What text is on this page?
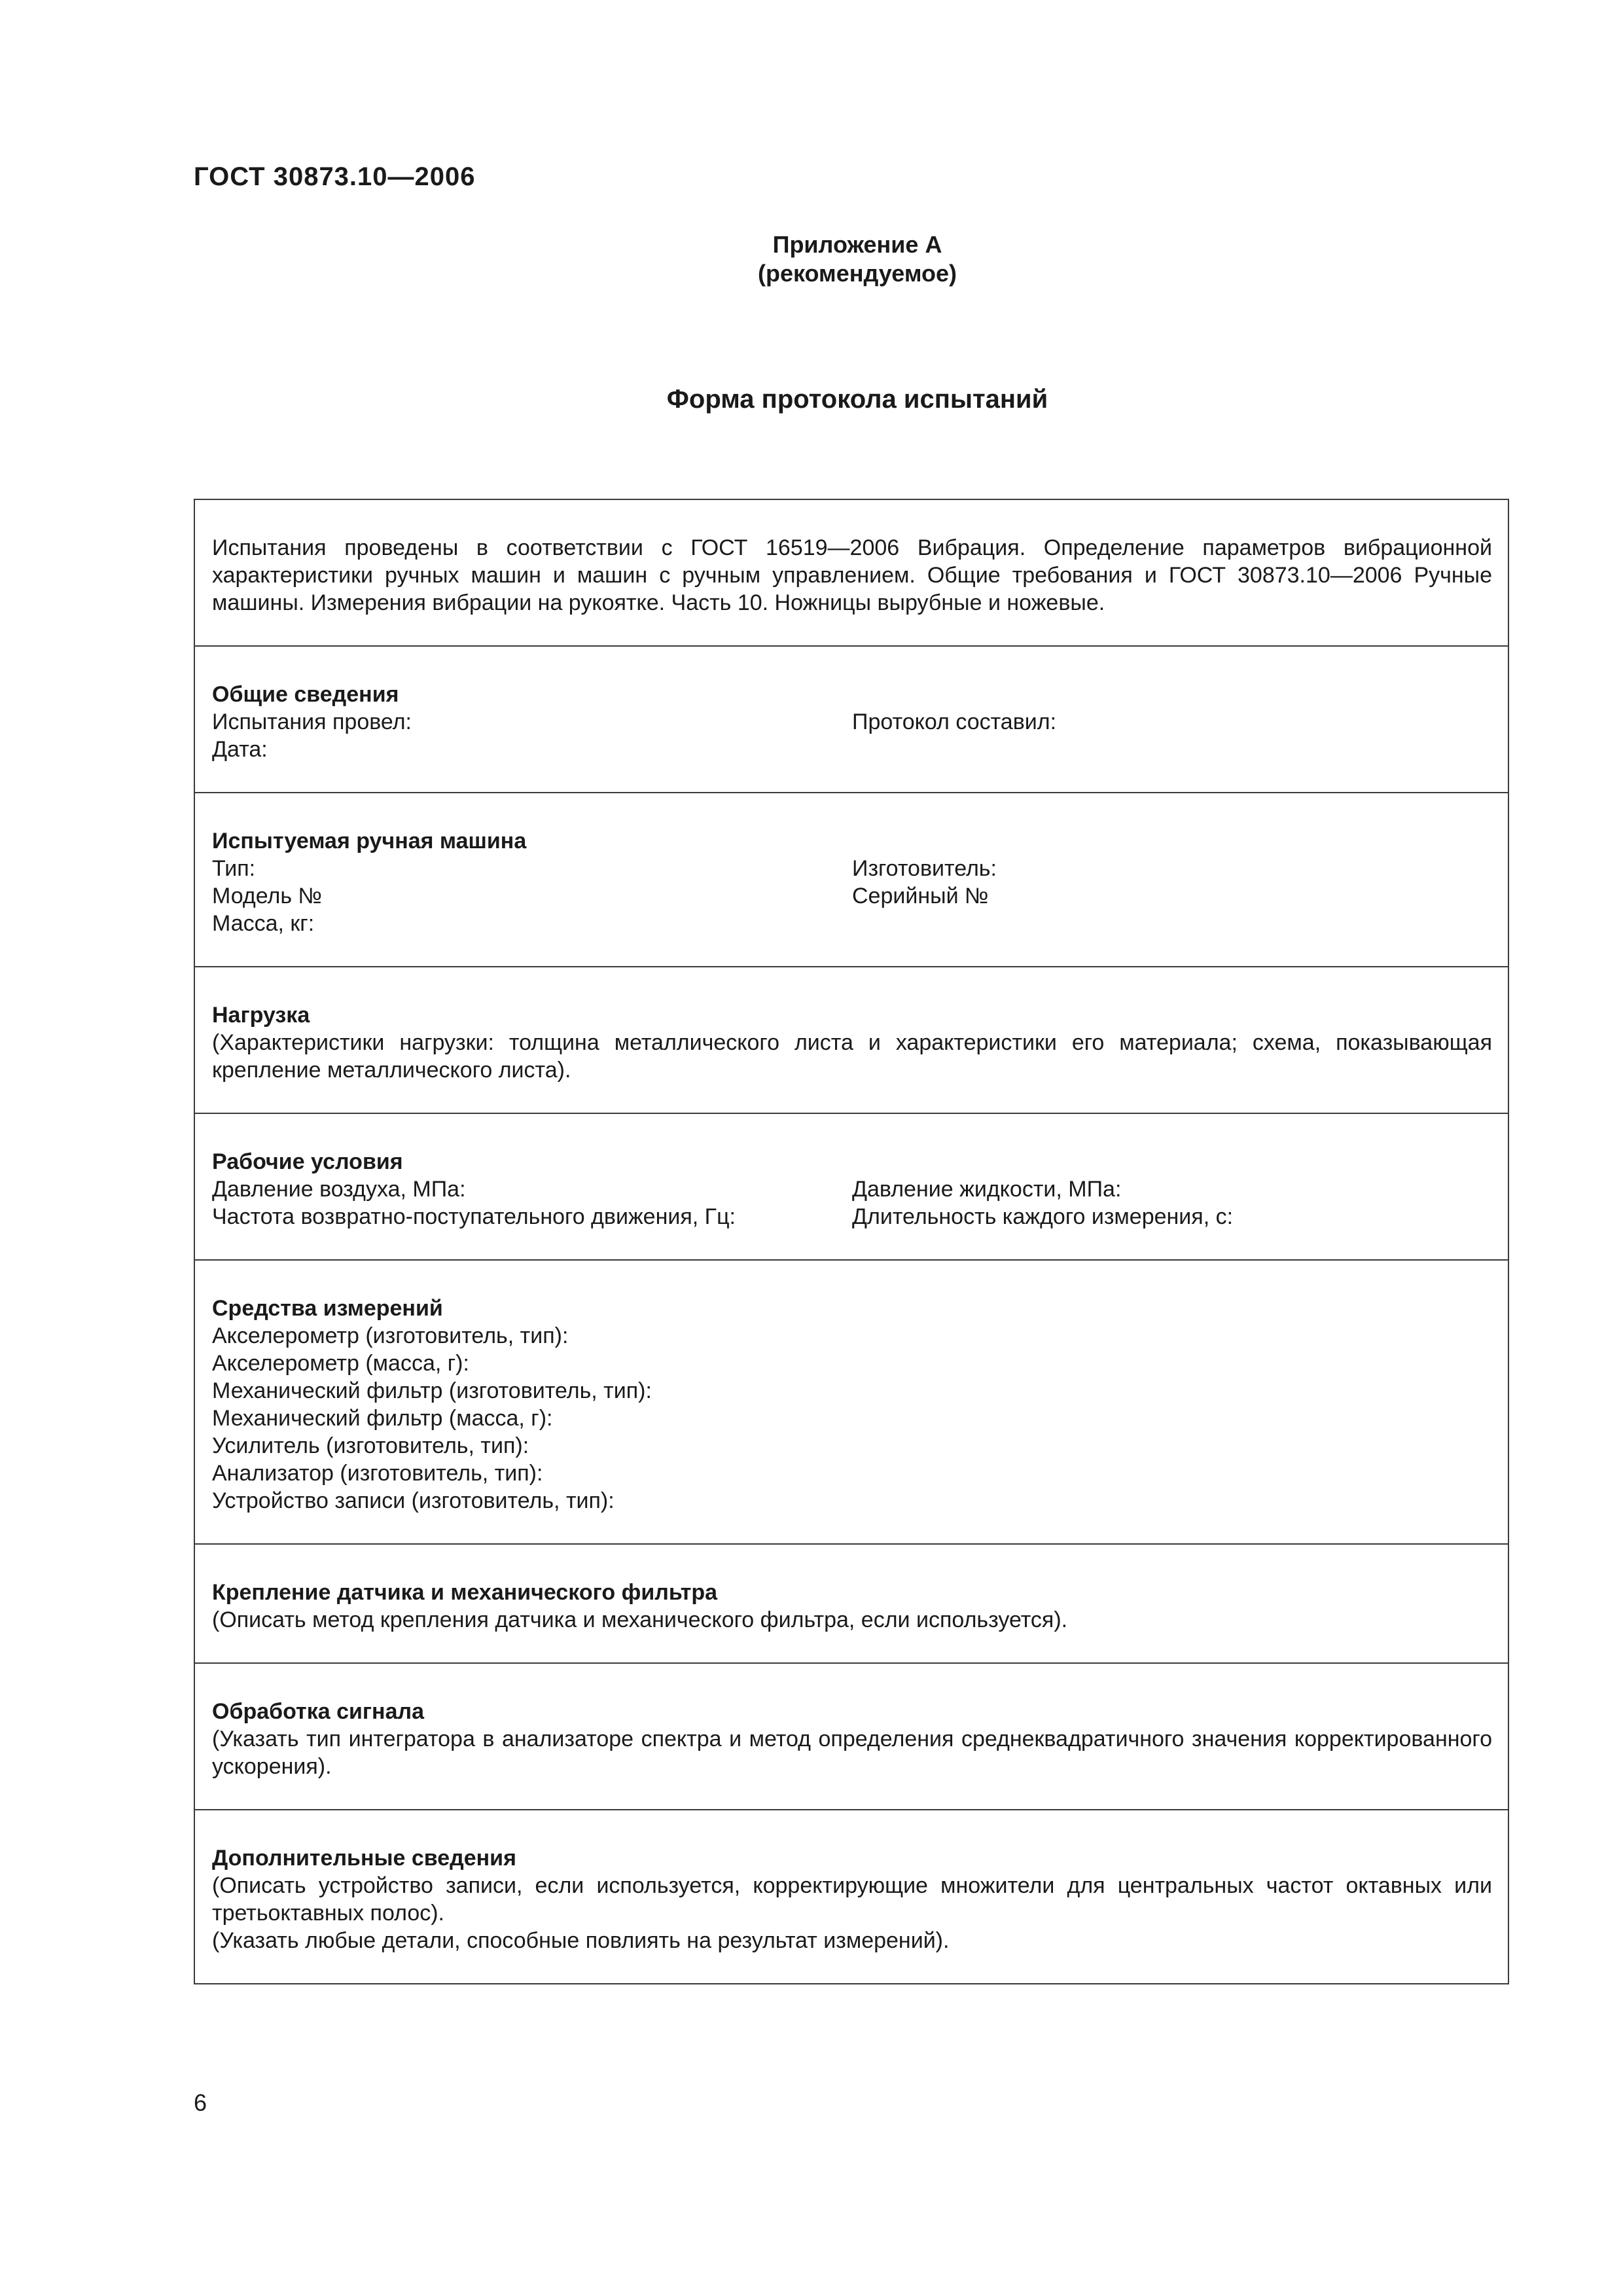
ГОСТ 30873.10—2006
Приложение А
(рекомендуемое)
Форма протокола испытаний
Испытания проведены в соответствии с ГОСТ 16519—2006 Вибрация. Определение параметров вибрационной характеристики ручных машин и машин с ручным управлением. Общие требования и ГОСТ 30873.10—2006 Ручные машины. Измерения вибрации на рукоятке. Часть 10. Ножницы вырубные и ножевые.
Общие сведения
Испытания провел:
Дата:
Протокол составил:
Испытуемая ручная машина
Тип:
Модель №
Масса, кг:
Изготовитель:
Серийный №
Нагрузка
(Характеристики нагрузки: толщина металлического листа и характеристики его материала; схема, показывающая крепление металлического листа).
Рабочие условия
Давление воздуха, МПа:
Частота возвратно-поступательного движения, Гц:
Давление жидкости, МПа:
Длительность каждого измерения, с:
Средства измерений
Акселерометр (изготовитель, тип):
Акселерометр (масса, г):
Механический фильтр (изготовитель, тип):
Механический фильтр (масса, г):
Усилитель (изготовитель, тип):
Анализатор (изготовитель, тип):
Устройство записи (изготовитель, тип):
Крепление датчика и механического фильтра
(Описать метод крепления датчика и механического фильтра, если используется).
Обработка сигнала
(Указать тип интегратора в анализаторе спектра и метод определения среднеквадратичного значения корректированного ускорения).
Дополнительные сведения
(Описать устройство записи, если используется, корректирующие множители для центральных частот октавных или третьоктавных полос).
(Указать любые детали, способные повлиять на результат измерений).
6
